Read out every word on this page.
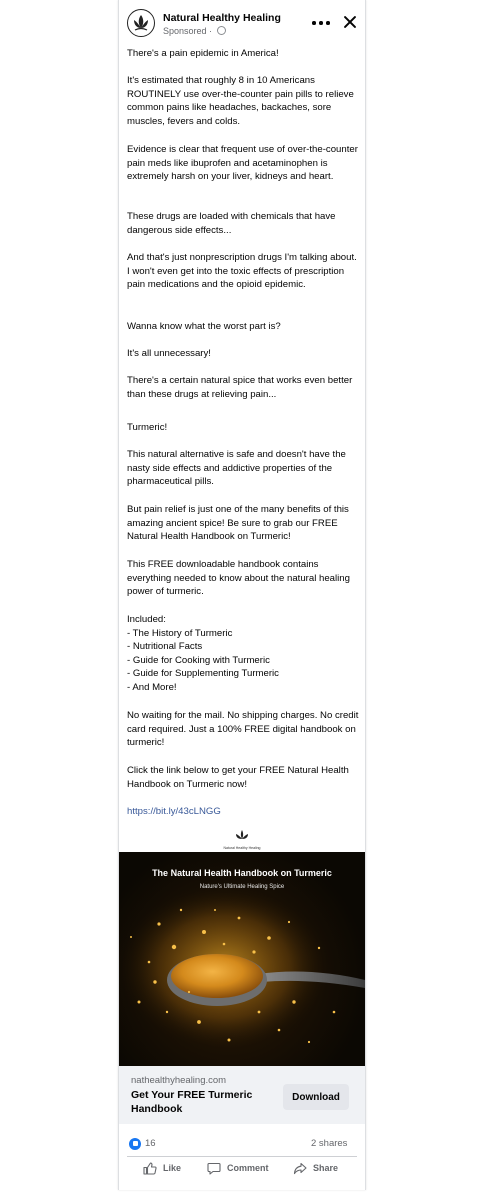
Natural Healthy Healing
Sponsored ·

There's a pain epidemic in America!

It's estimated that roughly 8 in 10 Americans ROUTINELY use over-the-counter pain pills to relieve common pains like headaches, backaches, sore muscles, fevers and colds.

Evidence is clear that frequent use of over-the-counter pain meds like ibuprofen and acetaminophen is extremely harsh on your liver, kidneys and heart.

These drugs are loaded with chemicals that have dangerous side effects...

And that's just nonprescription drugs I'm talking about. I won't even get into the toxic effects of prescription pain medications and the opioid epidemic.

Wanna know what the worst part is?

It's all unnecessary!

There's a certain natural spice that works even better than these drugs at relieving pain...

Turmeric!

This natural alternative is safe and doesn't have the nasty side effects and addictive properties of the pharmaceutical pills.

But pain relief is just one of the many benefits of this amazing ancient spice! Be sure to grab our FREE Natural Health Handbook on Turmeric!

This FREE downloadable handbook contains everything needed to know about the natural healing power of turmeric.

Included:

- The History of Turmeric

- Nutritional Facts

- Guide for Cooking with Turmeric

- Guide for Supplementing Turmeric

- And More!

No waiting for the mail. No shipping charges. No credit card required. Just a 100% FREE digital handbook on turmeric!

Click the link below to get your FREE Natural Health Handbook on Turmeric now!

https://bit.ly/43cLNGG

Natural Healthy Healing
The Natural Health Handbook on Turmeric
Nature's Ultimate Healing Spice
nathealthyhealing.com
Get Your FREE Turmeric Handbook
Download
16	2 shares
Like	Comment	Share
